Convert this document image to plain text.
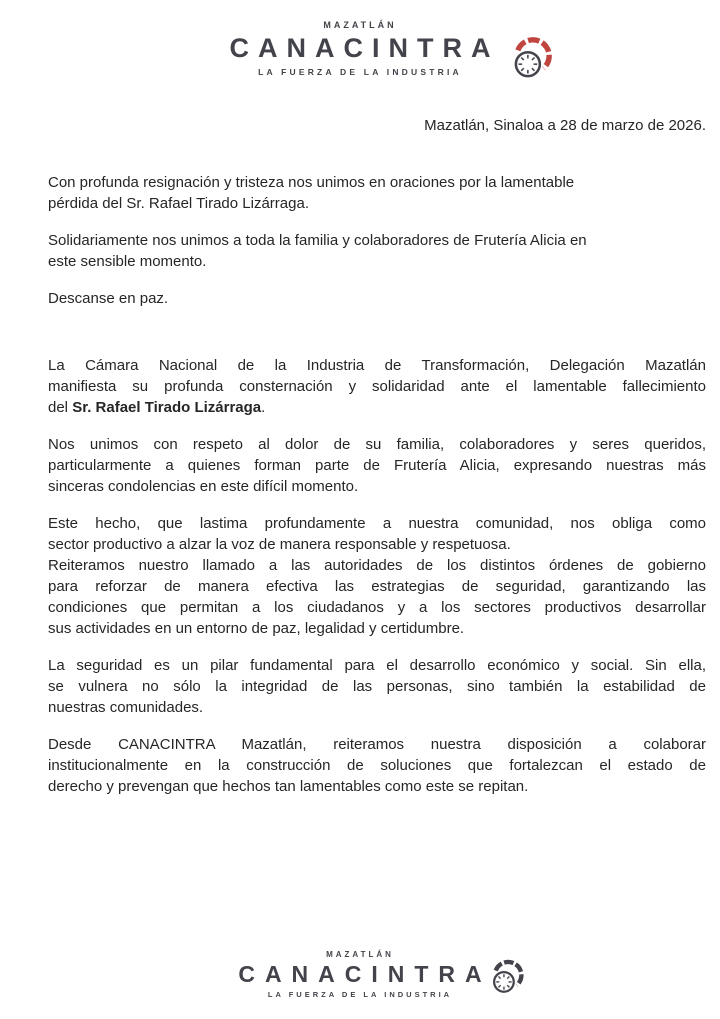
MAZATLÁN
CANACINTRA
LA FUERZA DE LA INDUSTRIA
Mazatlán, Sinaloa a 28 de marzo de 2026.
Con profunda resignación y tristeza nos unimos en oraciones por la lamentable
pérdida del Sr. Rafael Tirado Lizárraga.
Solidariamente nos unimos a toda la familia y colaboradores de Frutería Alicia en
este sensible momento.
Descanse en paz.
La Cámara Nacional de la Industria de Transformación, Delegación Mazatlán
manifiesta su profunda consternación y solidaridad ante el lamentable fallecimiento
del Sr. Rafael Tirado Lizárraga.
Nos unimos con respeto al dolor de su familia, colaboradores y seres queridos,
particularmente a quienes forman parte de Frutería Alicia, expresando nuestras más
sinceras condolencias en este difícil momento.
Este hecho, que lastima profundamente a nuestra comunidad, nos obliga como
sector productivo a alzar la voz de manera responsable y respetuosa.
Reiteramos nuestro llamado a las autoridades de los distintos órdenes de gobierno
para reforzar de manera efectiva las estrategias de seguridad, garantizando las
condiciones que permitan a los ciudadanos y a los sectores productivos desarrollar
sus actividades en un entorno de paz, legalidad y certidumbre.
La seguridad es un pilar fundamental para el desarrollo económico y social. Sin ella,
se vulnera no sólo la integridad de las personas, sino también la estabilidad de
nuestras comunidades.
Desde CANACINTRA Mazatlán, reiteramos nuestra disposición a colaborar
institucionalmente en la construcción de soluciones que fortalezcan el estado de
derecho y prevengan que hechos tan lamentables como este se repitan.
MAZATLÁN
CANACINTRA
LA FUERZA DE LA INDUSTRIA
